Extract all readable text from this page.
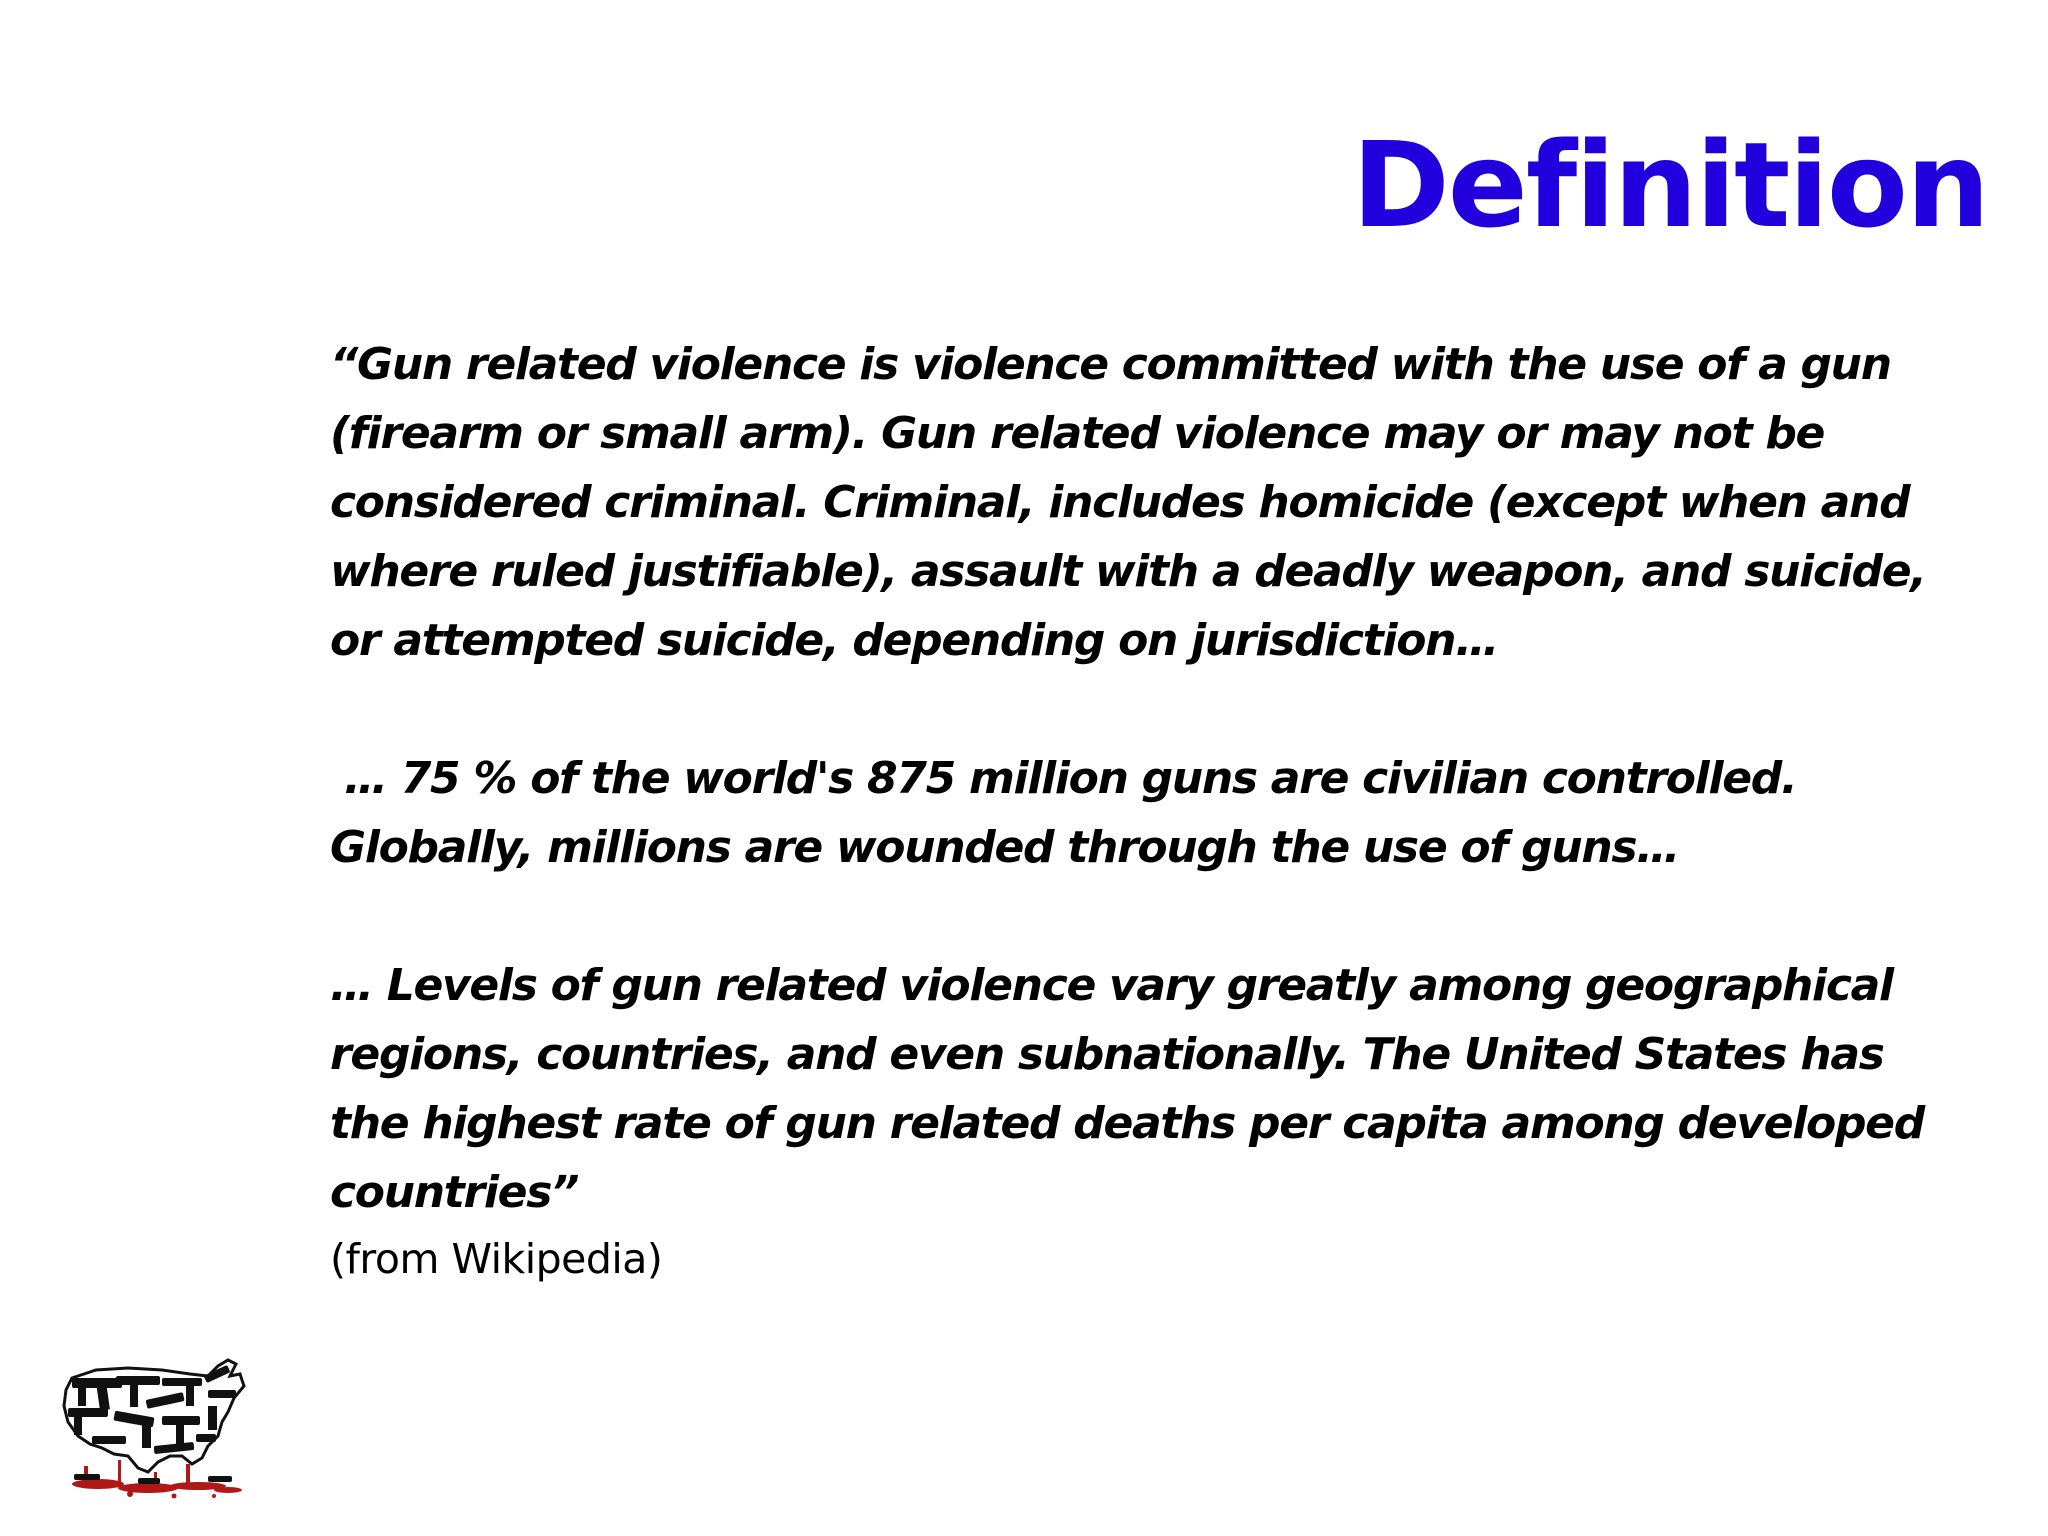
Definition

“Gun related violence is violence committed with the use of a gun
(firearm or small arm). Gun related violence may or may not be
considered criminal. Criminal, includes homicide (except when and
where ruled justifiable), assault with a deadly weapon, and suicide,
or attempted suicide, depending on jurisdiction…

… 75 % of the world's 875 million guns are civilian controlled.
Globally, millions are wounded through the use of guns…

… Levels of gun related violence vary greatly among geographical
regions, countries, and even subnationally. The United States has
the highest rate of gun related deaths per capita among developed
countries”

(from Wikipedia)
